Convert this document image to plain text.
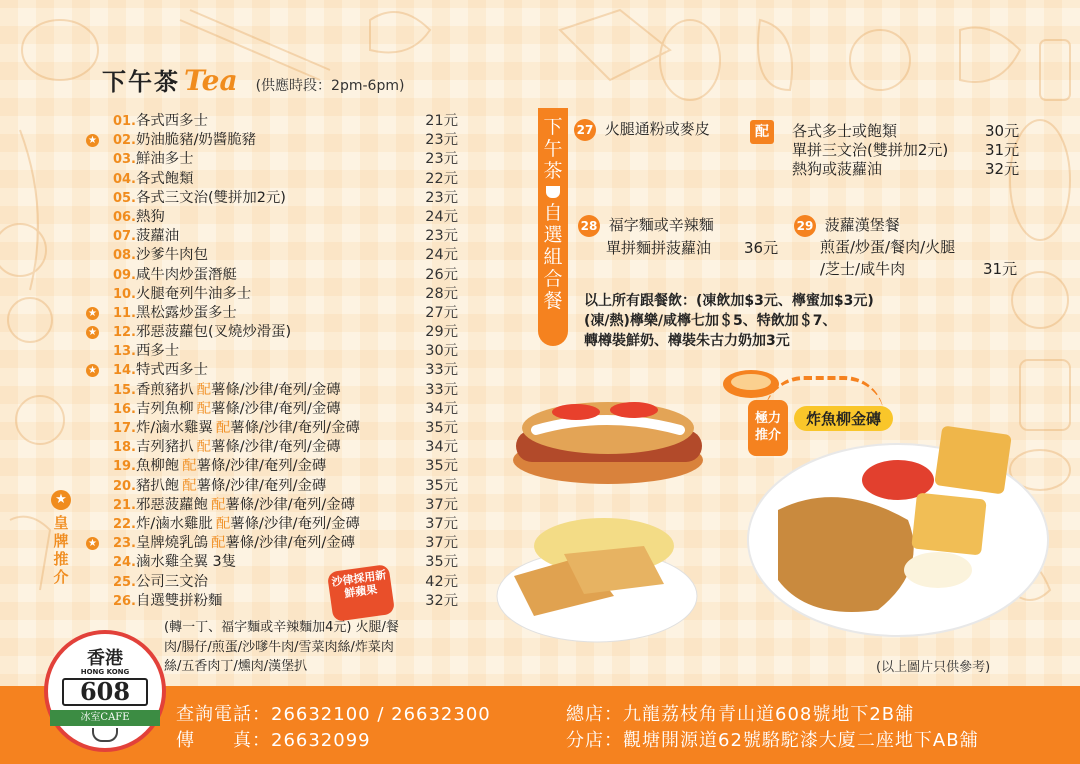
下午茶 Tea (供應時段：2pm-6pm)
01. 各式西多士	21元
★	02. 奶油脆豬/奶醬脆豬	23元
03. 鮮油多士	23元
04. 各式飽類	22元
05. 各式三文治(雙拼加2元)	23元
06. 熱狗	24元
07. 菠蘿油	23元
08. 沙爹牛肉包	24元
09. 咸牛肉炒蛋潛艇	26元
10. 火腿奄列牛油多士	28元
★	11. 黑松露炒蛋多士	27元
★	12. 邪惡菠蘿包(叉燒炒滑蛋)	29元
13. 西多士	30元
★	14. 特式西多士	33元
15. 香煎豬扒 配薯條/沙律/奄列/金磚	33元
16. 吉列魚柳 配薯條/沙律/奄列/金磚	34元
17. 炸/滷水雞翼 配薯條/沙律/奄列/金磚	35元
18. 吉列豬扒 配薯條/沙律/奄列/金磚	34元
19. 魚柳飽 配薯條/沙律/奄列/金磚	35元
20. 豬扒飽 配薯條/沙律/奄列/金磚	35元
21. 邪惡菠蘿飽 配薯條/沙律/奄列/金磚	37元
22. 炸/滷水雞肶 配薯條/沙律/奄列/金磚	37元
★	23. 皇牌燒乳鴿 配薯條/沙律/奄列/金磚	37元
24. 滷水雞全翼 3隻	35元
25. 公司三文治	42元
26. 自選雙拼粉麵	32元
(轉一丁、福字麵或辛辣麵加4元) 火腿/餐肉/腸仔/煎蛋/沙嗲牛肉/雪菜肉絲/炸菜肉絲/五香肉丁/燻肉/漢堡扒
★
皇牌推介	沙律採用新鮮蘋果
下午茶
自選組合餐
27 火腿通粉或麥皮	配	各式多士或飽類	30元
單拼三文治(雙拼加2元) 31元
熱狗或菠蘿油	32元
28 福字麵或辛辣麵
單拼麵拼菠蘿油 36元
29 菠蘿漢堡餐
煎蛋/炒蛋/餐肉/火腿
/芝士/咸牛肉	31元
以上所有跟餐飲：(凍飲加$3元、檸蜜加$3元)
(凍/熱)檸樂/咸檸七加＄5、特飲加＄7、
轉樽裝鮮奶、樽裝朱古力奶加3元
極力推介
炸魚柳金磚
(以上圖片只供參考)
查詢電話：26632100 / 26632300
傳　　真：26632099
總店：九龍荔枝角青山道608號地下2B舖
分店：觀塘開源道62號駱駝漆大廈二座地下AB舖
香港
HONG KONG
608
冰室CAFE
